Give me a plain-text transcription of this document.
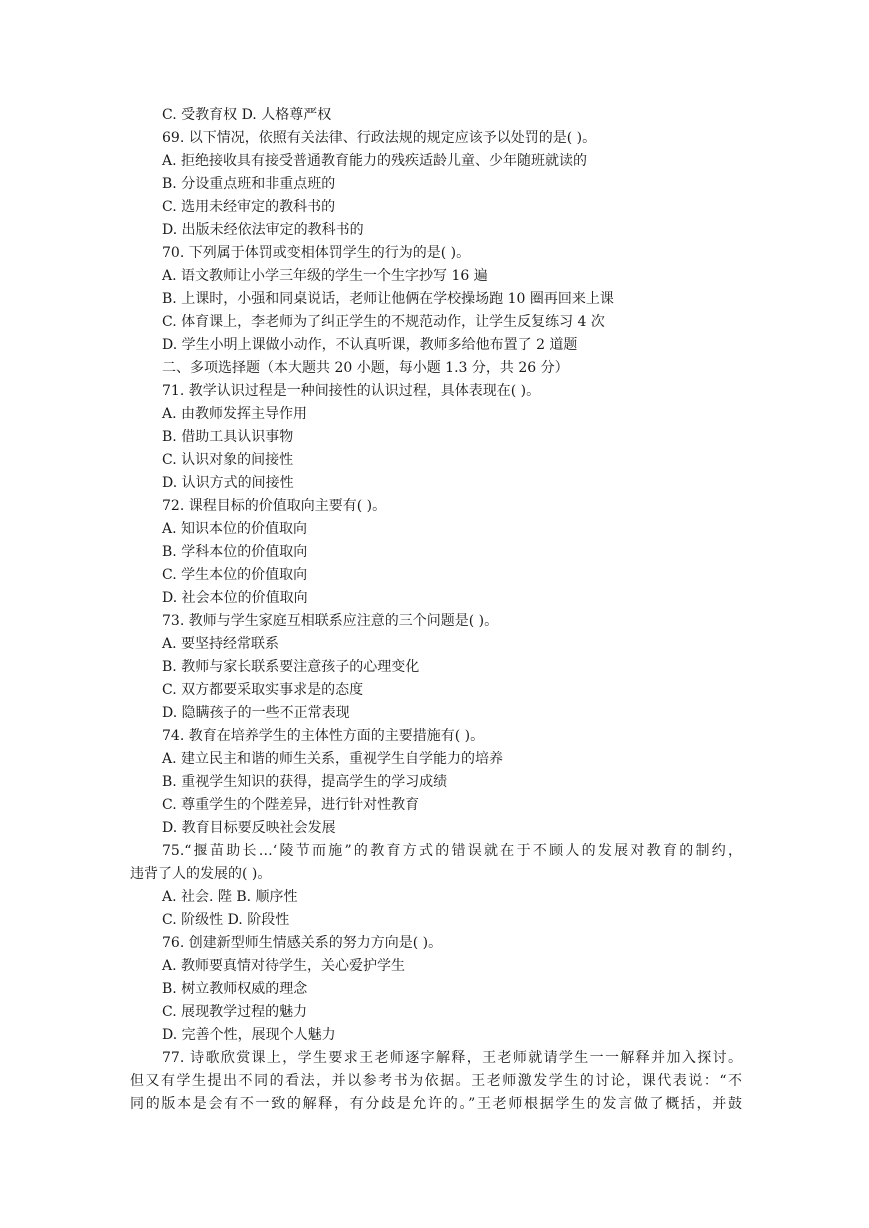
C. 受教育权 D. 人格尊严权
69. 以下情况，依照有关法律、行政法规的规定应该予以处罚的是( )。
A. 拒绝接收具有接受普通教育能力的残疾适龄儿童、少年随班就读的
B. 分设重点班和非重点班的
C. 选用未经审定的教科书的
D. 出版未经依法审定的教科书的
70. 下列属于体罚或变相体罚学生的行为的是( )。
A. 语文教师让小学三年级的学生一个生字抄写 16 遍
B. 上课时，小强和同桌说话，老师让他俩在学校操场跑 10 圈再回来上课
C. 体育课上，李老师为了纠正学生的不规范动作，让学生反复练习 4 次
D. 学生小明上课做小动作，不认真听课，教师多给他布置了 2 道题
二、多项选择题（本大题共 20 小题，每小题 1.3 分，共 26 分）
71. 教学认识过程是一种间接性的认识过程，具体表现在( )。
A. 由教师发挥主导作用
B. 借助工具认识事物
C. 认识对象的间接性
D. 认识方式的间接性
72. 课程目标的价值取向主要有( )。
A. 知识本位的价值取向
B. 学科本位的价值取向
C. 学生本位的价值取向
D. 社会本位的价值取向
73. 教师与学生家庭互相联系应注意的三个问题是( )。
A. 要坚持经常联系
B. 教师与家长联系要注意孩子的心理变化
C. 双方都要采取实事求是的态度
D. 隐瞒孩子的一些不正常表现
74. 教育在培养学生的主体性方面的主要措施有( )。
A. 建立民主和谐的师生关系，重视学生自学能力的培养
B. 重视学生知识的获得，提高学生的学习成绩
C. 尊重学生的个陛差异，进行针对性教育
D. 教育目标要反映社会发展
75.“揠苗助长…‘陵节而施”的教育方式的错误就在于不顾人的发展对教育的制约，
违背了人的发展的( )。
A. 社会. 陛 B. 顺序性
C. 阶级性 D. 阶段性
76. 创建新型师生情感关系的努力方向是( )。
A. 教师要真情对待学生，关心爱护学生
B. 树立教师权威的理念
C. 展现教学过程的魅力
D. 完善个性，展现个人魅力
77. 诗歌欣赏课上，学生要求王老师逐字解释，王老师就请学生一一解释并加入探讨。
但又有学生提出不同的看法，并以参考书为依据。王老师激发学生的讨论，课代表说：“不
同的版本是会有不一致的解释，有分歧是允许的。”王老师根据学生的发言做了概括，并鼓
